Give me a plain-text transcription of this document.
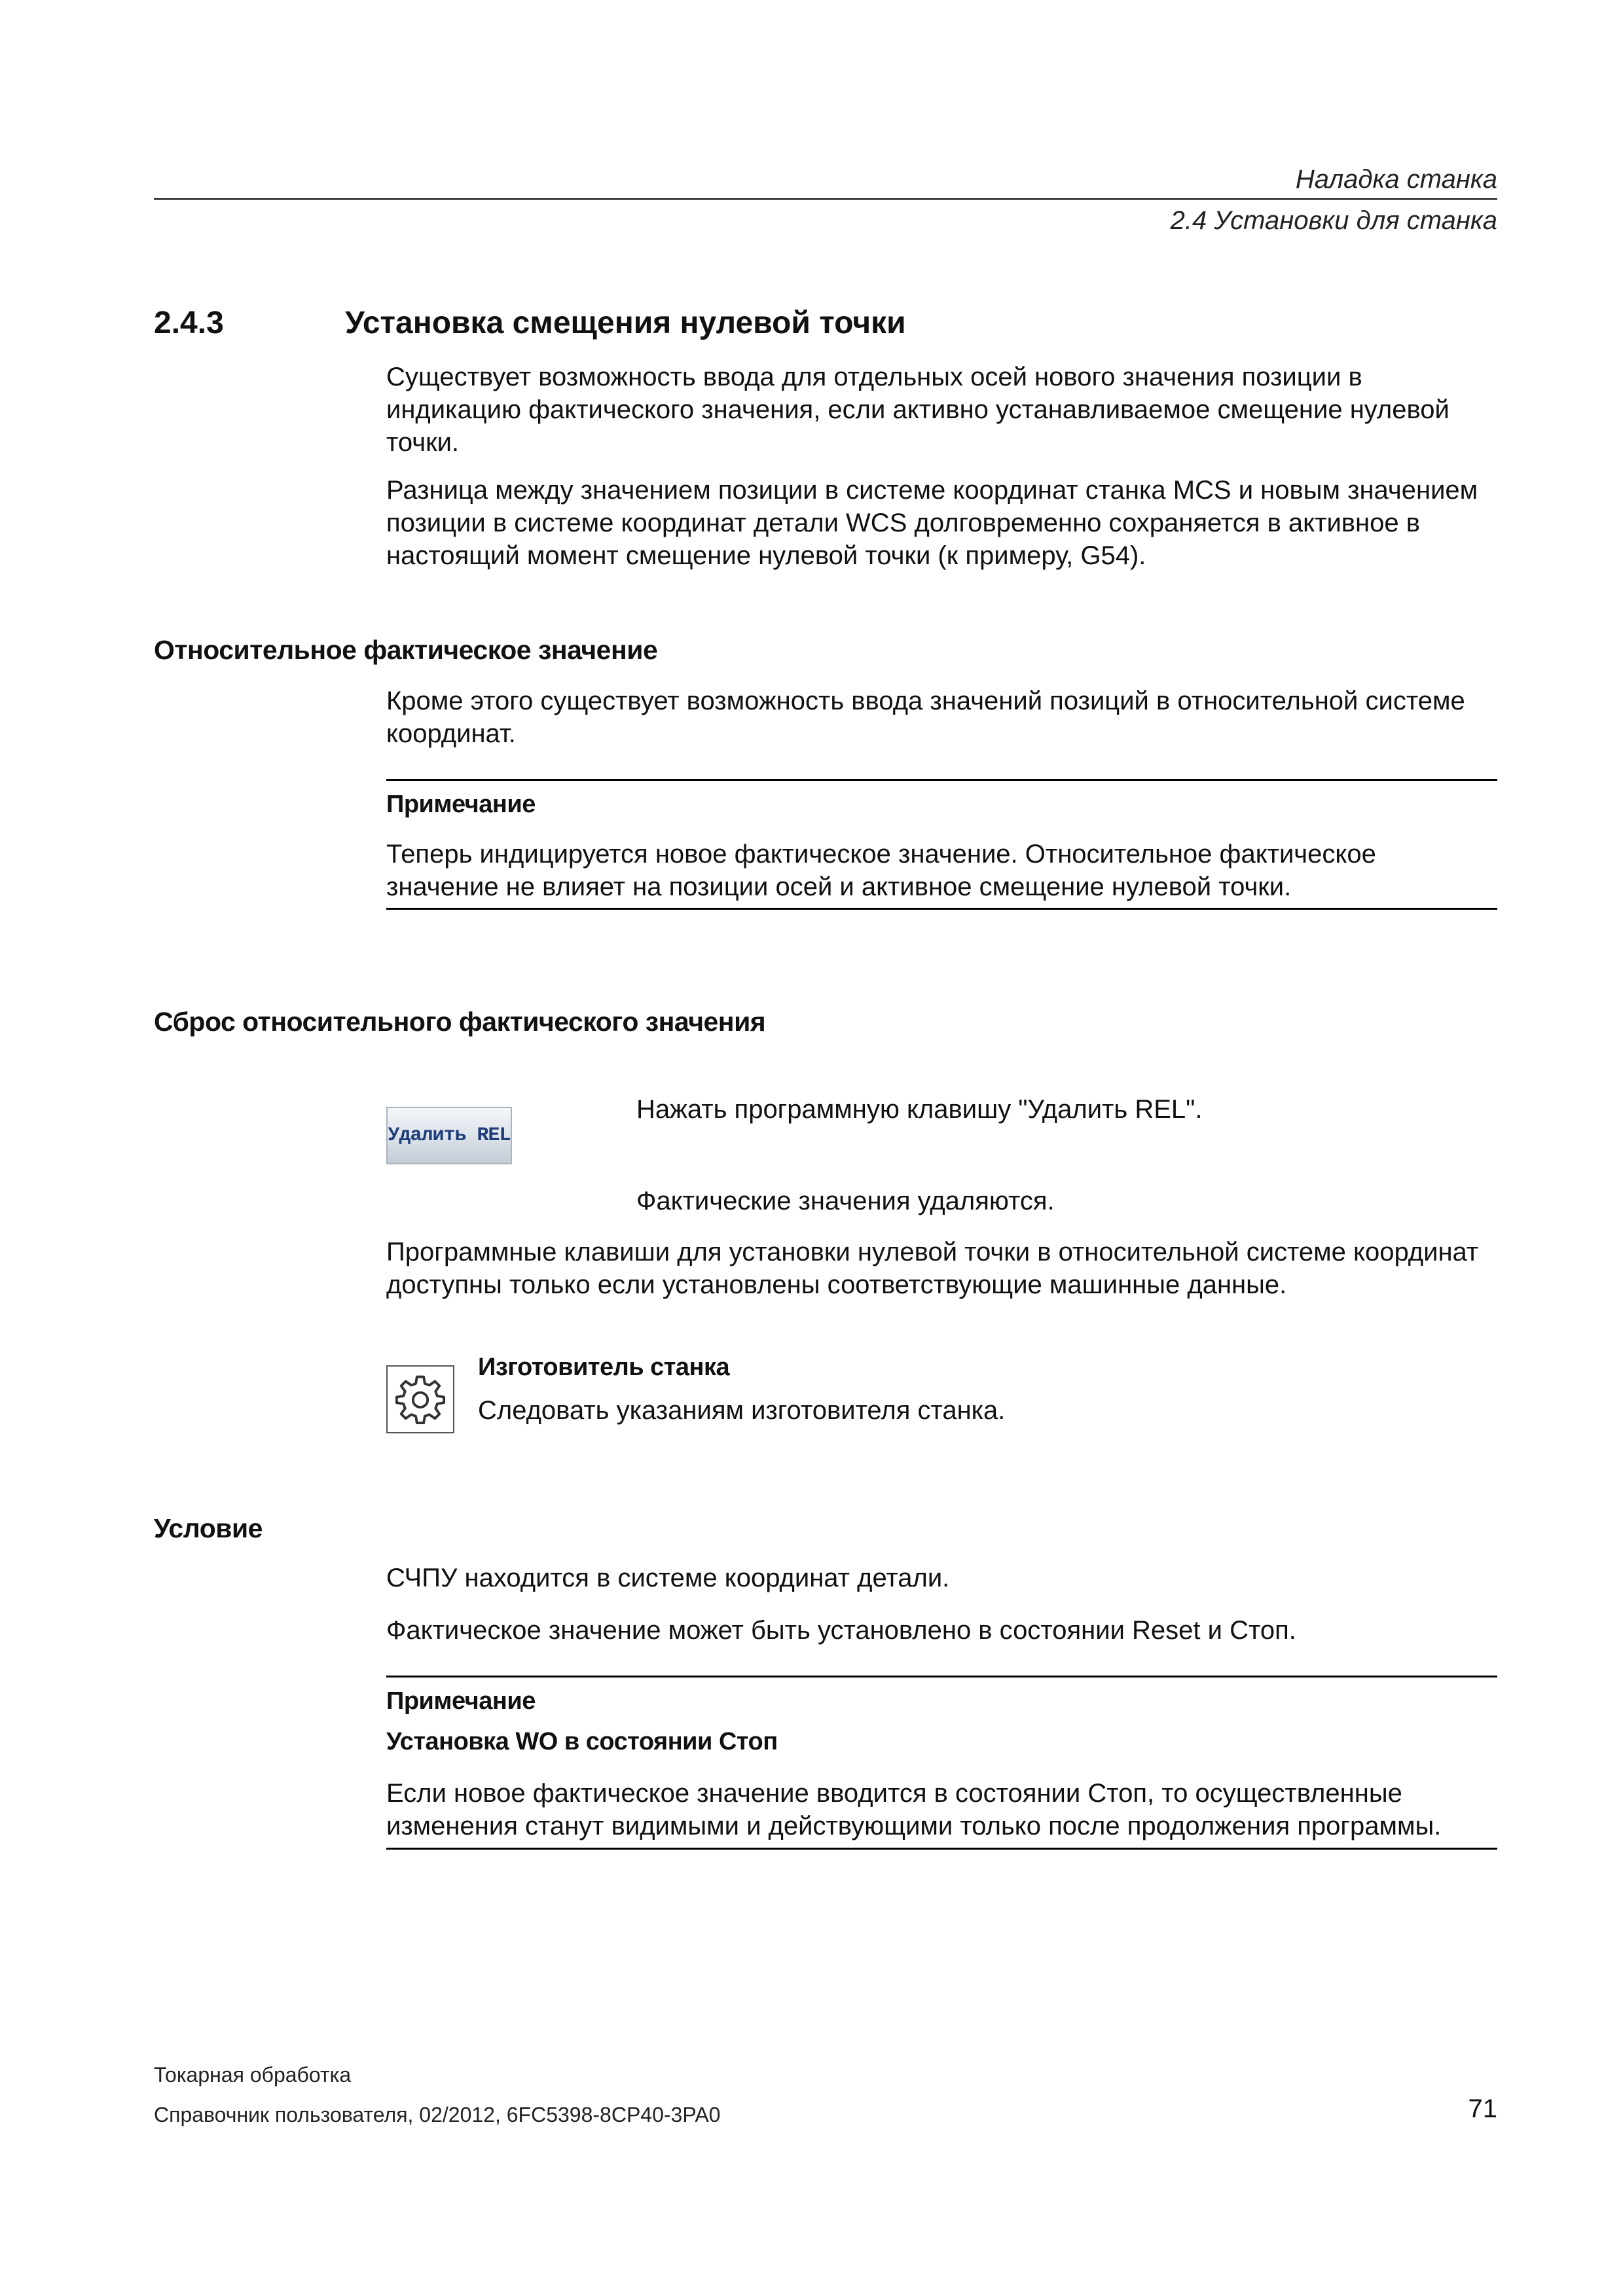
Наладка станка
2.4 Установки для станка
2.4.3	Установка смещения нулевой точки
Существует возможность ввода для отдельных осей нового значения позиции в индикацию фактического значения, если активно устанавливаемое смещение нулевой точки.
Разница между значением позиции в системе координат станка MCS и новым значением позиции в системе координат детали WCS долговременно сохраняется в активное в настоящий момент смещение нулевой точки (к примеру, G54).
Относительное фактическое значение
Кроме этого существует возможность ввода значений позиций в относительной системе координат.
Примечание
Теперь индицируется новое фактическое значение. Относительное фактическое значение не влияет на позиции осей и активное смещение нулевой точки.
Сброс относительного фактического значения
Удалить REL
Нажать программную клавишу "Удалить REL".
Фактические значения удаляются.
Программные клавиши для установки нулевой точки в относительной системе координат доступны только если установлены соответствующие машинные данные.
Изготовитель станка
Следовать указаниям изготовителя станка.
Условие
СЧПУ находится в системе координат детали.
Фактическое значение может быть установлено в состоянии Reset и Стоп.
Примечание
Установка WO в состоянии Стоп
Если новое фактическое значение вводится в состоянии Стоп, то осуществленные изменения станут видимыми и действующими только после продолжения программы.
Токарная обработка
Справочник пользователя, 02/2012, 6FC5398-8CP40-3PA0	71
